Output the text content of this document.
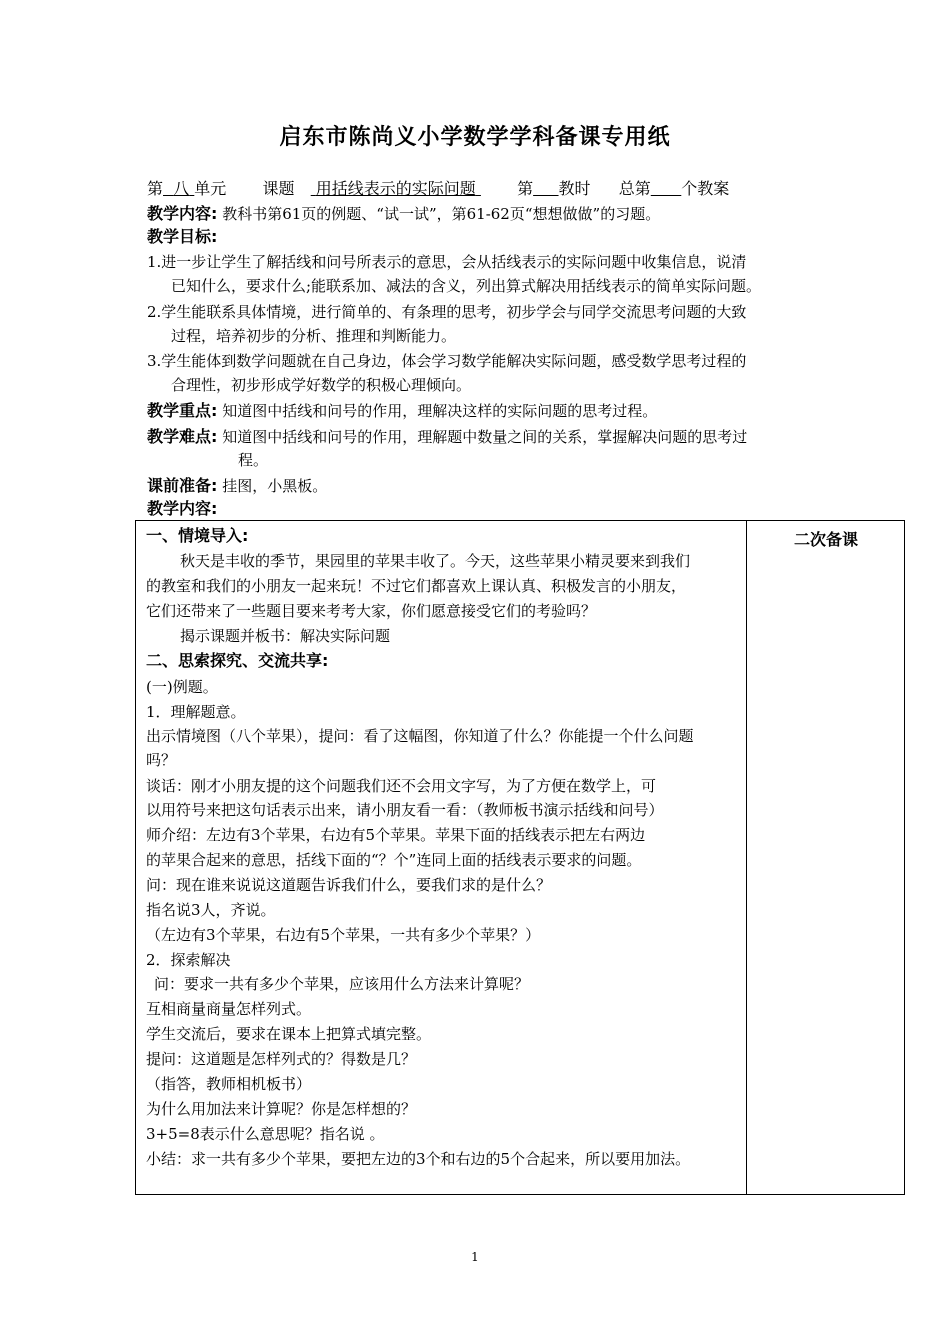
启东市陈尚义小学数学学科备课专用纸
第 八 单元 课题 用括线表示的实际问题	第 教时 总第 个教案
教学内容: 教科书第61页的例题、“试一试”，第61-62页“想想做做”的习题。
教学目标:
1.进一步让学生了解括线和问号所表示的意思，会从括线表示的实际问题中收集信息，说清
已知什么，要求什么;能联系加、减法的含义，列出算式解决用括线表示的简单实际问题。
2.学生能联系具体情境，进行简单的、有条理的思考，初步学会与同学交流思考问题的大致
过程，培养初步的分析、推理和判断能力。
3.学生能体到数学问题就在自己身边，体会学习数学能解决实际问题，感受数学思考过程的
合理性，初步形成学好数学的积极心理倾向。
教学重点: 知道图中括线和问号的作用，理解决这样的实际问题的思考过程。
教学难点: 知道图中括线和问号的作用，理解题中数量之间的关系，掌握解决问题的思考过
程。
课前准备: 挂图，小黑板。
教学内容:
二次备课
一、情境导入:
秋天是丰收的季节，果园里的苹果丰收了。今天，这些苹果小精灵要来到我们
的教室和我们的小朋友一起来玩！不过它们都喜欢上课认真、积极发言的小朋友，
它们还带来了一些题目要来考考大家，你们愿意接受它们的考验吗？
揭示课题并板书：解决实际问题
二、思索探究、交流共享:
(一)例题。
1．理解题意。
出示情境图（八个苹果），提问：看了这幅图，你知道了什么？你能提一个什么问题
吗？
谈话：刚才小朋友提的这个问题我们还不会用文字写，为了方便在数学上，可
以用符号来把这句话表示出来，请小朋友看一看：（教师板书演示括线和问号）
师介绍：左边有3个苹果，右边有5个苹果。苹果下面的括线表示把左右两边
的苹果合起来的意思，括线下面的“？个”连同上面的括线表示要求的问题。
问：现在谁来说说这道题告诉我们什么，要我们求的是什么？
指名说3人，齐说。
（左边有3个苹果，右边有5个苹果，一共有多少个苹果？）
2．探索解决
问：要求一共有多少个苹果，应该用什么方法来计算呢？
互相商量商量怎样列式。
学生交流后，要求在课本上把算式填完整。
提问：这道题是怎样列式的？得数是几？
（指答，教师相机板书）
为什么用加法来计算呢？你是怎样想的？
3+5=8表示什么意思呢？指名说 。
小结：求一共有多少个苹果，要把左边的3个和右边的5个合起来，所以要用加法。
1
